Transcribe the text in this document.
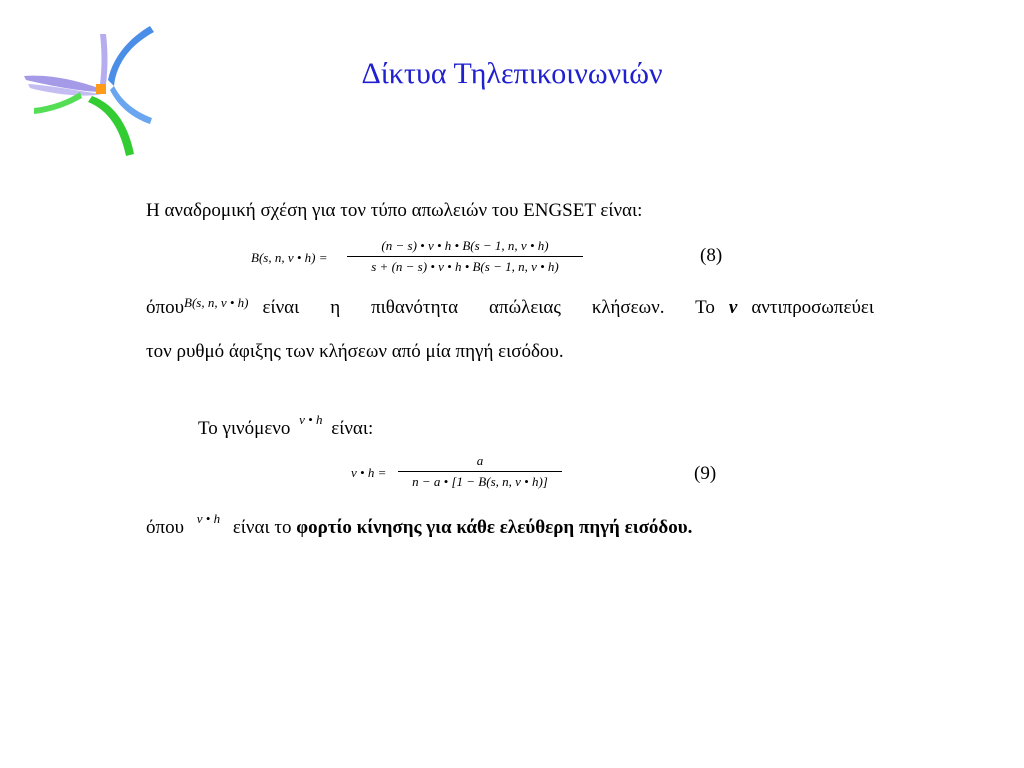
Δίκτυα Τηλεπικοινωνιών
Η αναδρομική σχέση για τον τύπο απωλειών του ENGSET είναι:
B(s, n, v • h) =
(n − s) • v • h • B(s − 1, n, v • h)
s + (n − s) • v • h • B(s − 1, n, v • h)
(8)
όπου B(s, n, v • h) είναι η πιθανότητα απώλειας κλήσεων. Το v αντιπροσωπεύει
τον ρυθμό άφιξης των κλήσεων από μία πηγή εισόδου.
Το γινόμενο $^{v • h}$ είναι:
v • h =
a
n − a • [1 − B(s, n, v • h)]	(9)
όπου $^{v • h}$ είναι το φορτίο κίνησης για κάθε ελεύθερη πηγή εισόδου.
